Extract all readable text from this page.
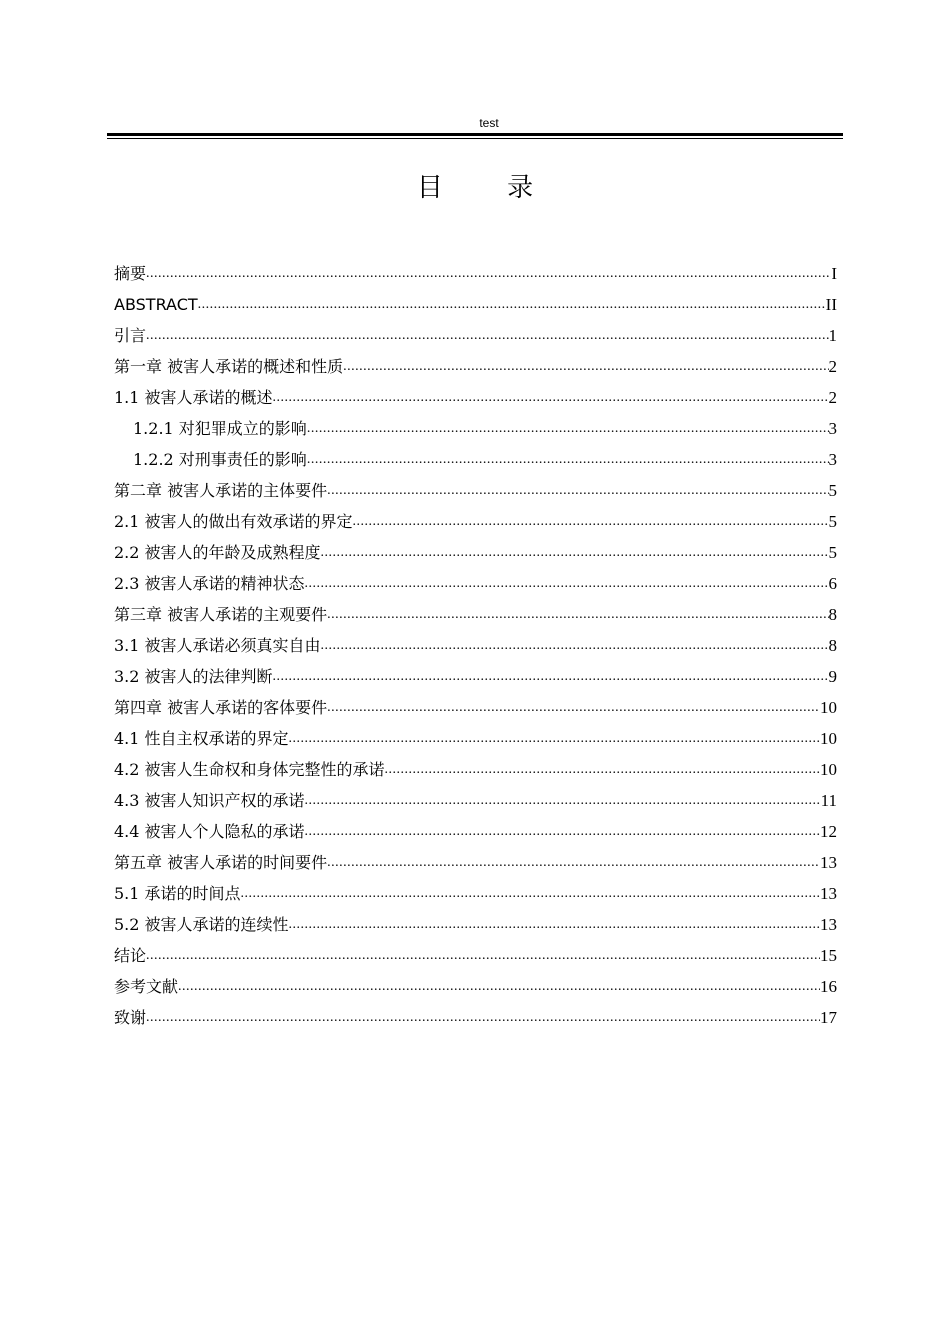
test
目 录
摘要 .....	I
ABSTRACT .....	II
引言 .....	1
第一章 被害人承诺的概述和性质 .....	2
1.1 被害人承诺的概述 .....	2
1.2.1 对犯罪成立的影响 .....	3
1.2.2 对刑事责任的影响 .....	3
第二章 被害人承诺的主体要件 .....	5
2.1 被害人的做出有效承诺的界定 .....	5
2.2 被害人的年龄及成熟程度 .....	5
2.3 被害人承诺的精神状态 .....	6
第三章 被害人承诺的主观要件 .....	8
3.1 被害人承诺必须真实自由 .....	8
3.2 被害人的法律判断 .....	9
第四章 被害人承诺的客体要件 .....	10
4.1 性自主权承诺的界定 .....	10
4.2 被害人生命权和身体完整性的承诺 .....	10
4.3 被害人知识产权的承诺 .....	11
4.4 被害人个人隐私的承诺 .....	12
第五章 被害人承诺的时间要件 .....	13
5.1 承诺的时间点 .....	13
5.2 被害人承诺的连续性 .....	13
结论 .....	15
参考文献 .....	16
致谢 .....	17
